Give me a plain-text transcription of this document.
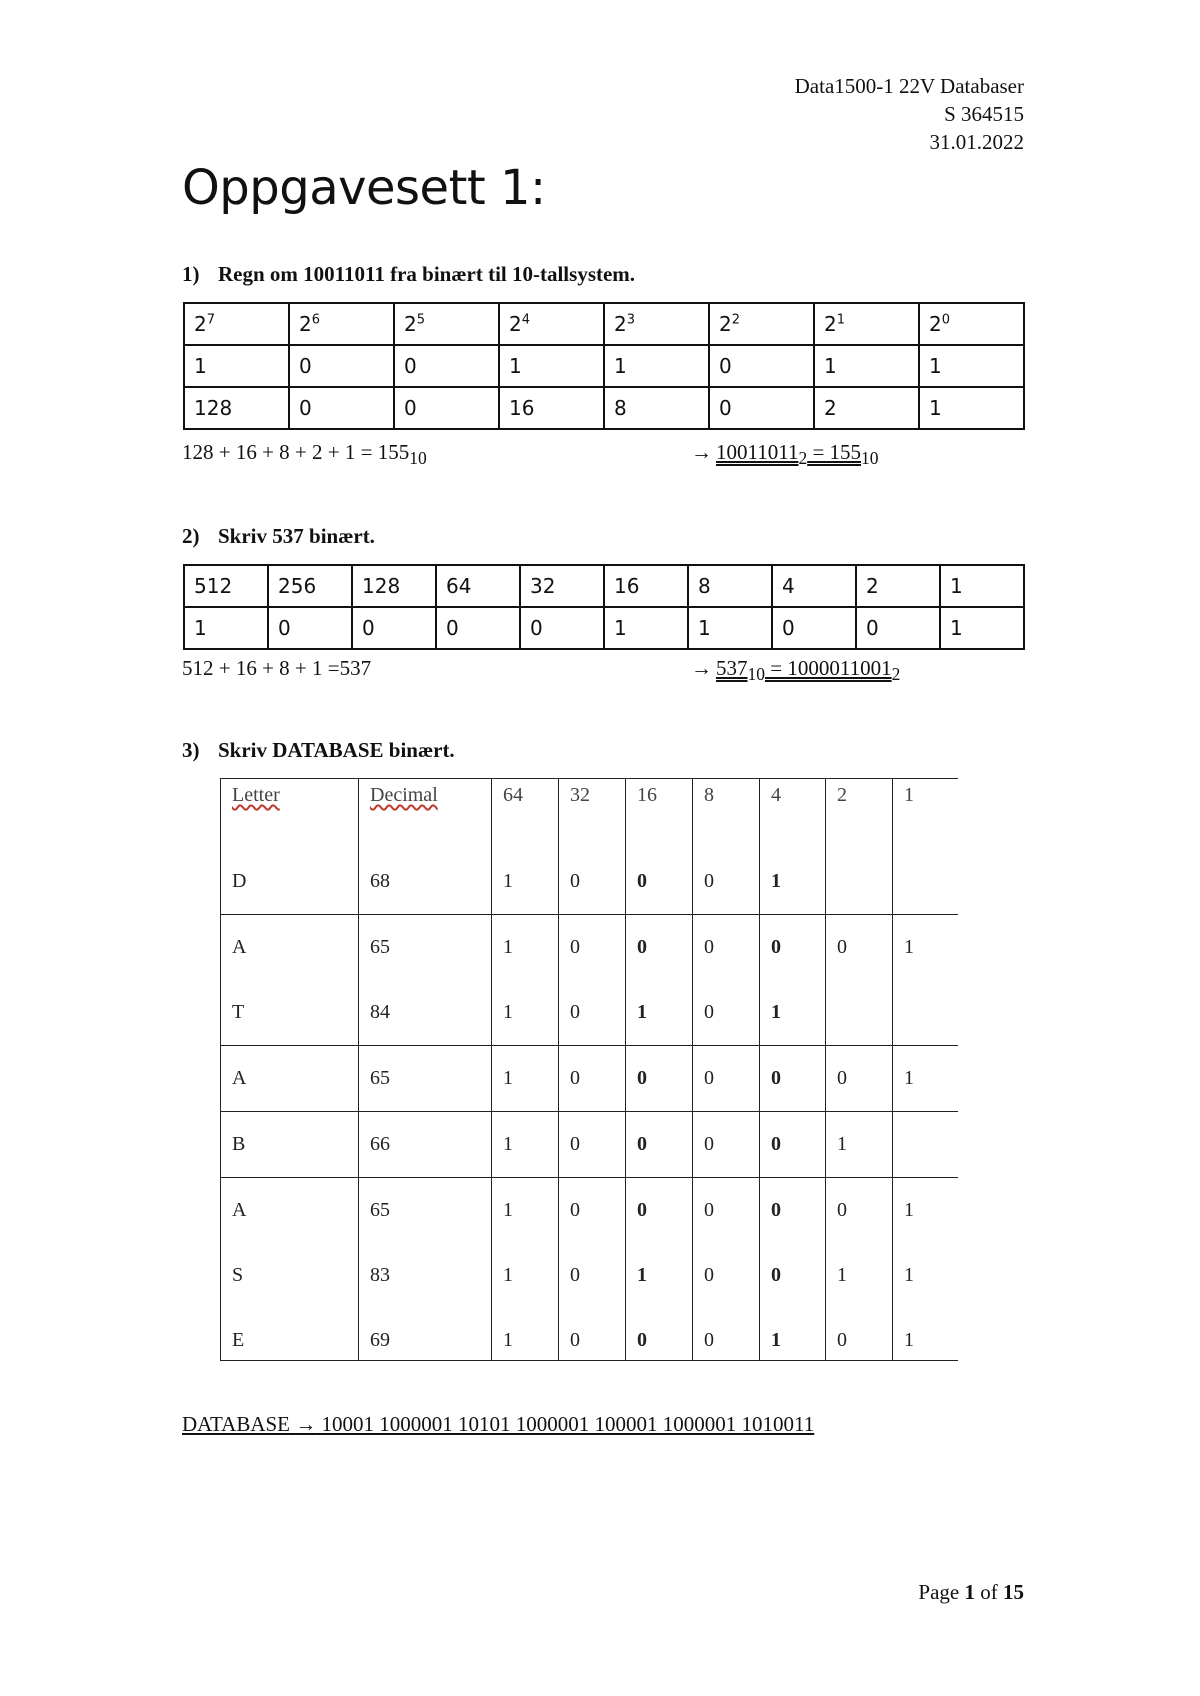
Data1500-1 22V Databaser
S 364515
31.01.2022
Oppgavesett 1:

1) Regn om 10011011 fra binært til 10-tallsystem.

$2^7$	$2^6$	$2^5$	$2^4$	$2^3$	$2^2$	$2^1$	$2^0$
1	0	0	1	1	0	1	1
128	0	0	16	8	0	2	1
$128 + 16 + 8 + 2 + 1 = 155_{10}$	→ $10011011_2 = 155_{10}$

2) Skriv 537 binært.

512	256	128	64	32	16	8	4	2	1
1	0	0	0	0	1	1	0	0	1
512 + 16 + 8 + 1 =537	→ $537_{10} = 1000011001_2$

3) Skriv DATABASE binært.

Letter	Decimal	64	32	16	8	4	2	1
D	68	1	0	0	0	1		
A	65	1	0	0	0	0	0	1
T	84	1	0	1	0	1		
A	65	1	0	0	0	0	0	1
B	66	1	0	0	0	0	1	
A	65	1	0	0	0	0	0	1
S	83	1	0	1	0	0	1	1
E	69	1	0	0	0	1	0	1
DATABASE → 10001 1000001 10101 1000001 100001 1000001 1010011
Page 1 of 15
